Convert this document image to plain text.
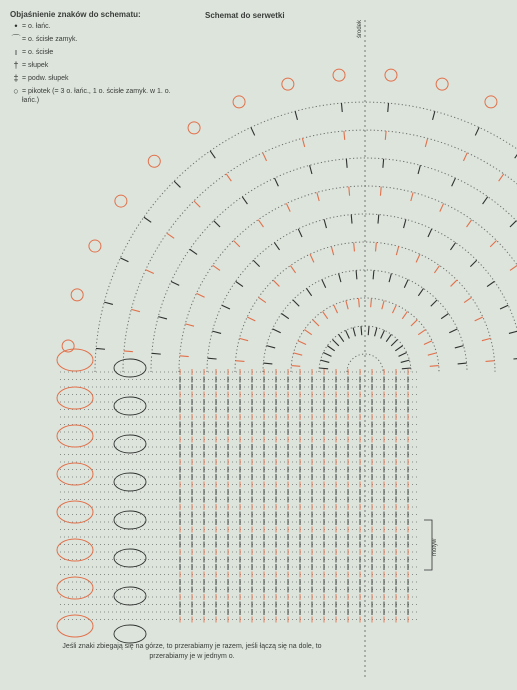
Objaśnienie znaków do schematu:
• = o. łańc.
⌒ = o. ścisłe zamyk.
ı = o. ścisłe
† = słupek
‡ = podw. słupek
○ = pikotek (= 3 o. łańc., 1 o. ścisłe zamyk. w 1. o. łańc.)
Schemat do serwetki
środek
motyw
Jeśli znaki zbiegają się na górze, to przerabiamy je razem, jeśli łączą się na dole, to przerabiamy je w jednym o.
